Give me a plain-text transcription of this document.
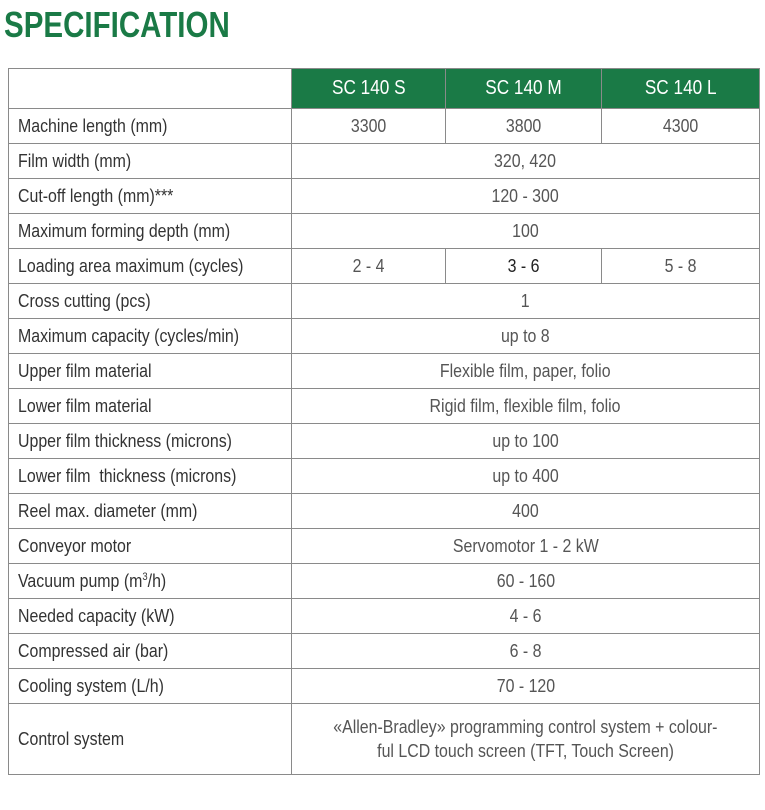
SPECIFICATION
	SC 140 S	SC 140 M	SC 140 L
Machine length (mm)	3300	3800	4300
Film width (mm)	320, 420		
Cut-off length (mm)***	120 - 300		
Maximum forming depth (mm)	100		
Loading area maximum (cycles)	2 - 4	3 - 6	5 - 8
Cross cutting (pcs)	1		
Maximum capacity (cycles/min)	up to 8		
Upper film material	Flexible film, paper, folio		
Lower film material	Rigid film, flexible film, folio		
Upper film thickness (microns)	up to 100		
Lower film  thickness (microns)	up to 400		
Reel max. diameter (mm)	400		
Conveyor motor	Servomotor 1 - 2 kW		
Vacuum pump $(m^3/h)$	60 - 160		
Needed capacity (kW)	4 - 6		
Compressed air (bar)	6 - 8		
Cooling system (L/h)	70 - 120		
Control system	«Allen-Bradley» programming control system + colour-
ful LCD touch screen (TFT, Touch Screen)		
